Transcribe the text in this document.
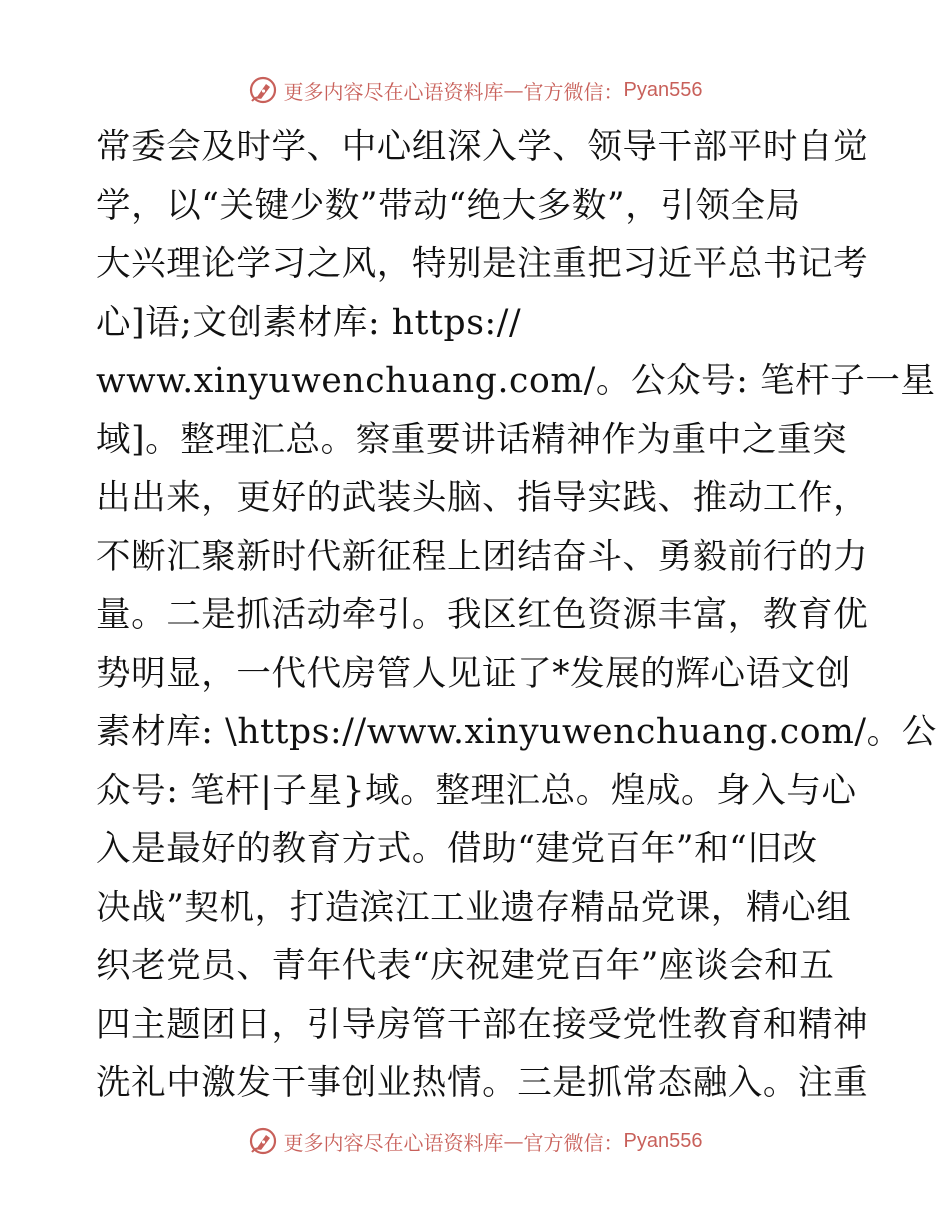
更多内容尽在心语资料库 — 官方微信： Pyan556
常委会及时学、中心组深入学、领导干部平时自觉
学，以“关键少数”带动“绝大多数”，引领全局
大兴理论学习之风，特别是注重把习近平总书记考
心]语;文创素材库: https://
www.xinyuwenchuang.com/。公众号: 笔杆子一星
域]。整理汇总。察重要讲话精神作为重中之重突
出出来，更好的武装头脑、指导实践、推动工作，
不断汇聚新时代新征程上团结奋斗、勇毅前行的力
量。二是抓活动牵引。我区红色资源丰富，教育优
势明显，一代代房管人见证了*发展的辉心语文创
素材库: \https://www.xinyuwenchuang.com/。公
众号: 笔杆|子星}域。整理汇总。煌成。身入与心
入是最好的教育方式。借助“建党百年”和“旧改
决战”契机，打造滨江工业遗存精品党课，精心组
织老党员、青年代表“庆祝建党百年”座谈会和五
四主题团日，引导房管干部在接受党性教育和精神
洗礼中激发干事创业热情。三是抓常态融入。注重
更多内容尽在心语资料库 — 官方微信： Pyan556
